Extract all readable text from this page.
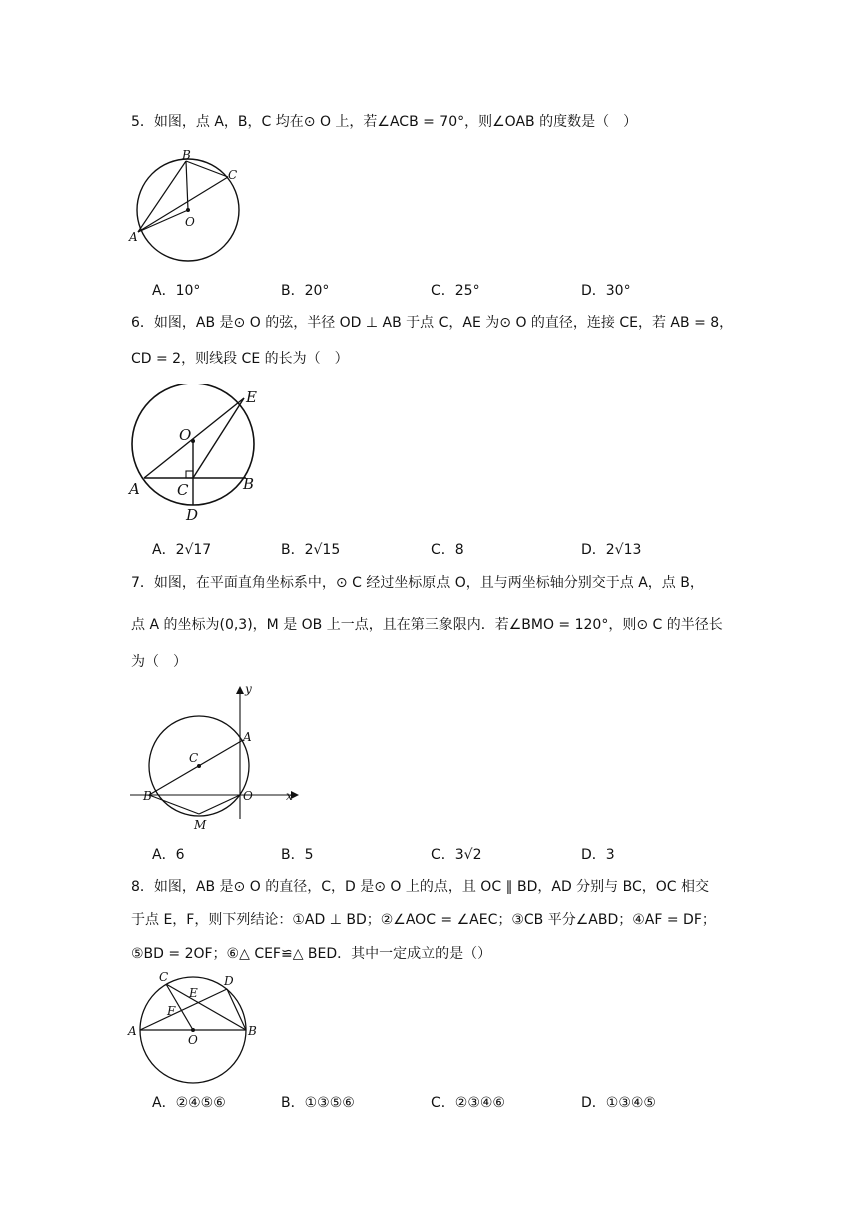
5．如图，点 A，B，C 均在⊙ O 上，若∠ACB = 70°，则∠OAB 的度数是（　）
B
C
O
A
A．10°	B．20°	C．25°	D．30°
6．如图，AB 是⊙ O 的弦，半径 OD ⊥ AB 于点 C，AE 为⊙ O 的直径，连接 CE，若 AB = 8，
CD = 2，则线段 CE 的长为（　）
E
O
A C	B
D
A．2√17	B．2√15	C．8	D．2√13
7．如图，在平面直角坐标系中，⊙ C 经过坐标原点 O，且与两坐标轴分别交于点 A，点 B，
点 A 的坐标为(0,3)，M 是 OB 上一点，且在第三象限内．若∠BMO = 120°，则⊙ C 的半径长
为（　）
y
A
C
B	O	x
M
A．6	B．5	C．3√2	D．3
8．如图，AB 是⊙ O 的直径，C，D 是⊙ O 上的点，且 OC ∥ BD，AD 分别与 BC，OC 相交
于点 E，F，则下列结论：①AD ⊥ BD；②∠AOC = ∠AEC；③CB 平分∠ABD；④AF = DF；
⑤BD = 2OF；⑥△ CEF≌△ BED．其中一定成立的是（）
C	D
E
F
A	B
O
A．②④⑤⑥	B．①③⑤⑥	C．②③④⑥	D．①③④⑤
